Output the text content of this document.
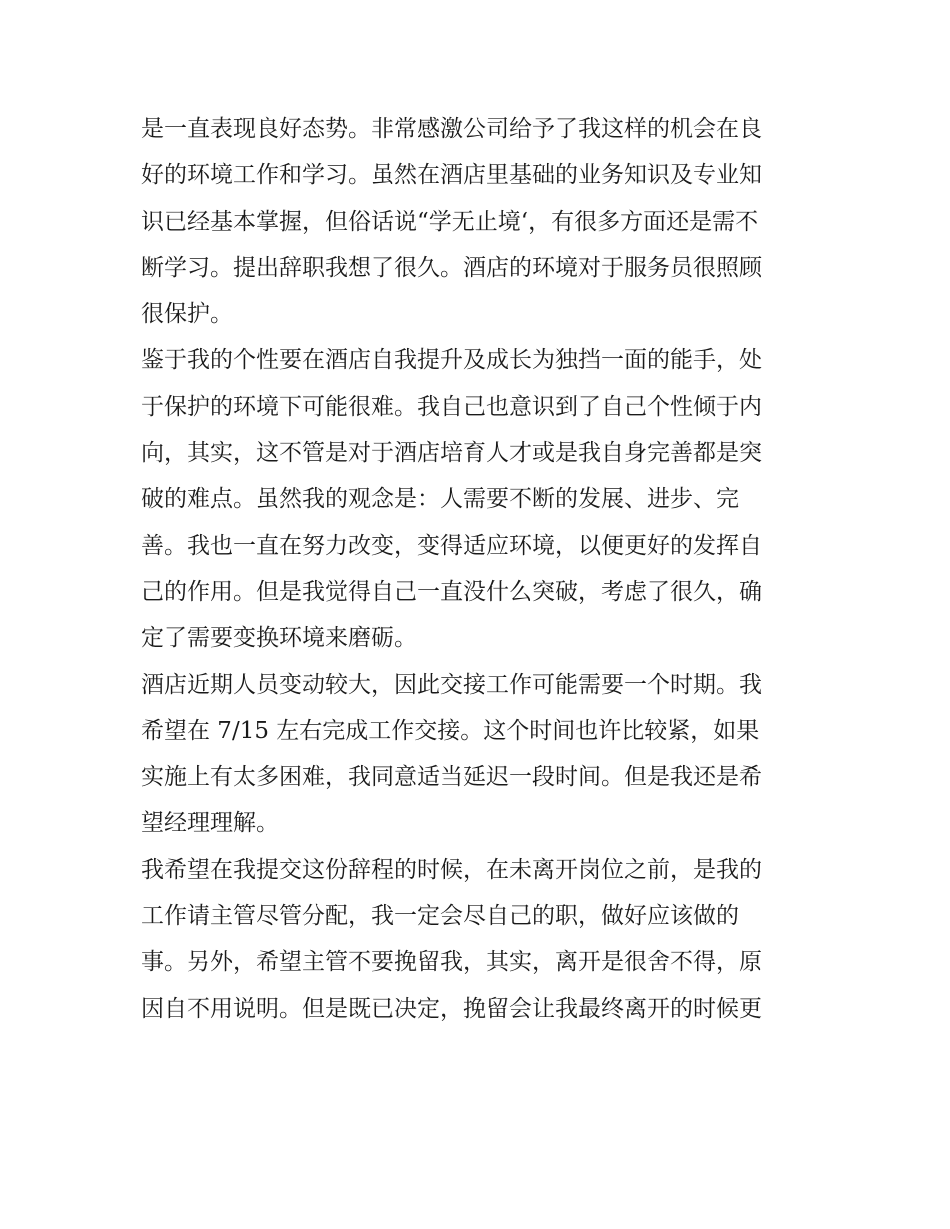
是一直表现良好态势。非常感激公司给予了我这样的机会在良
好的环境工作和学习。虽然在酒店里基础的业务知识及专业知
识已经基本掌握，但俗话说“学无止境‘，有很多方面还是需不
断学习。提出辞职我想了很久。酒店的环境对于服务员很照顾
很保护。
鉴于我的个性要在酒店自我提升及成长为独挡一面的能手，处
于保护的环境下可能很难。我自己也意识到了自己个性倾于内
向，其实，这不管是对于酒店培育人才或是我自身完善都是突
破的难点。虽然我的观念是：人需要不断的发展、进步、完
善。我也一直在努力改变，变得适应环境，以便更好的发挥自
己的作用。但是我觉得自己一直没什么突破，考虑了很久，确
定了需要变换环境来磨砺。
酒店近期人员变动较大，因此交接工作可能需要一个时期。我
希望在 7/15 左右完成工作交接。这个时间也许比较紧，如果
实施上有太多困难，我同意适当延迟一段时间。但是我还是希
望经理理解。
我希望在我提交这份辞程的时候，在未离开岗位之前，是我的
工作请主管尽管分配，我一定会尽自己的职，做好应该做的
事。另外，希望主管不要挽留我，其实，离开是很舍不得，原
因自不用说明。但是既已决定，挽留会让我最终离开的时候更
